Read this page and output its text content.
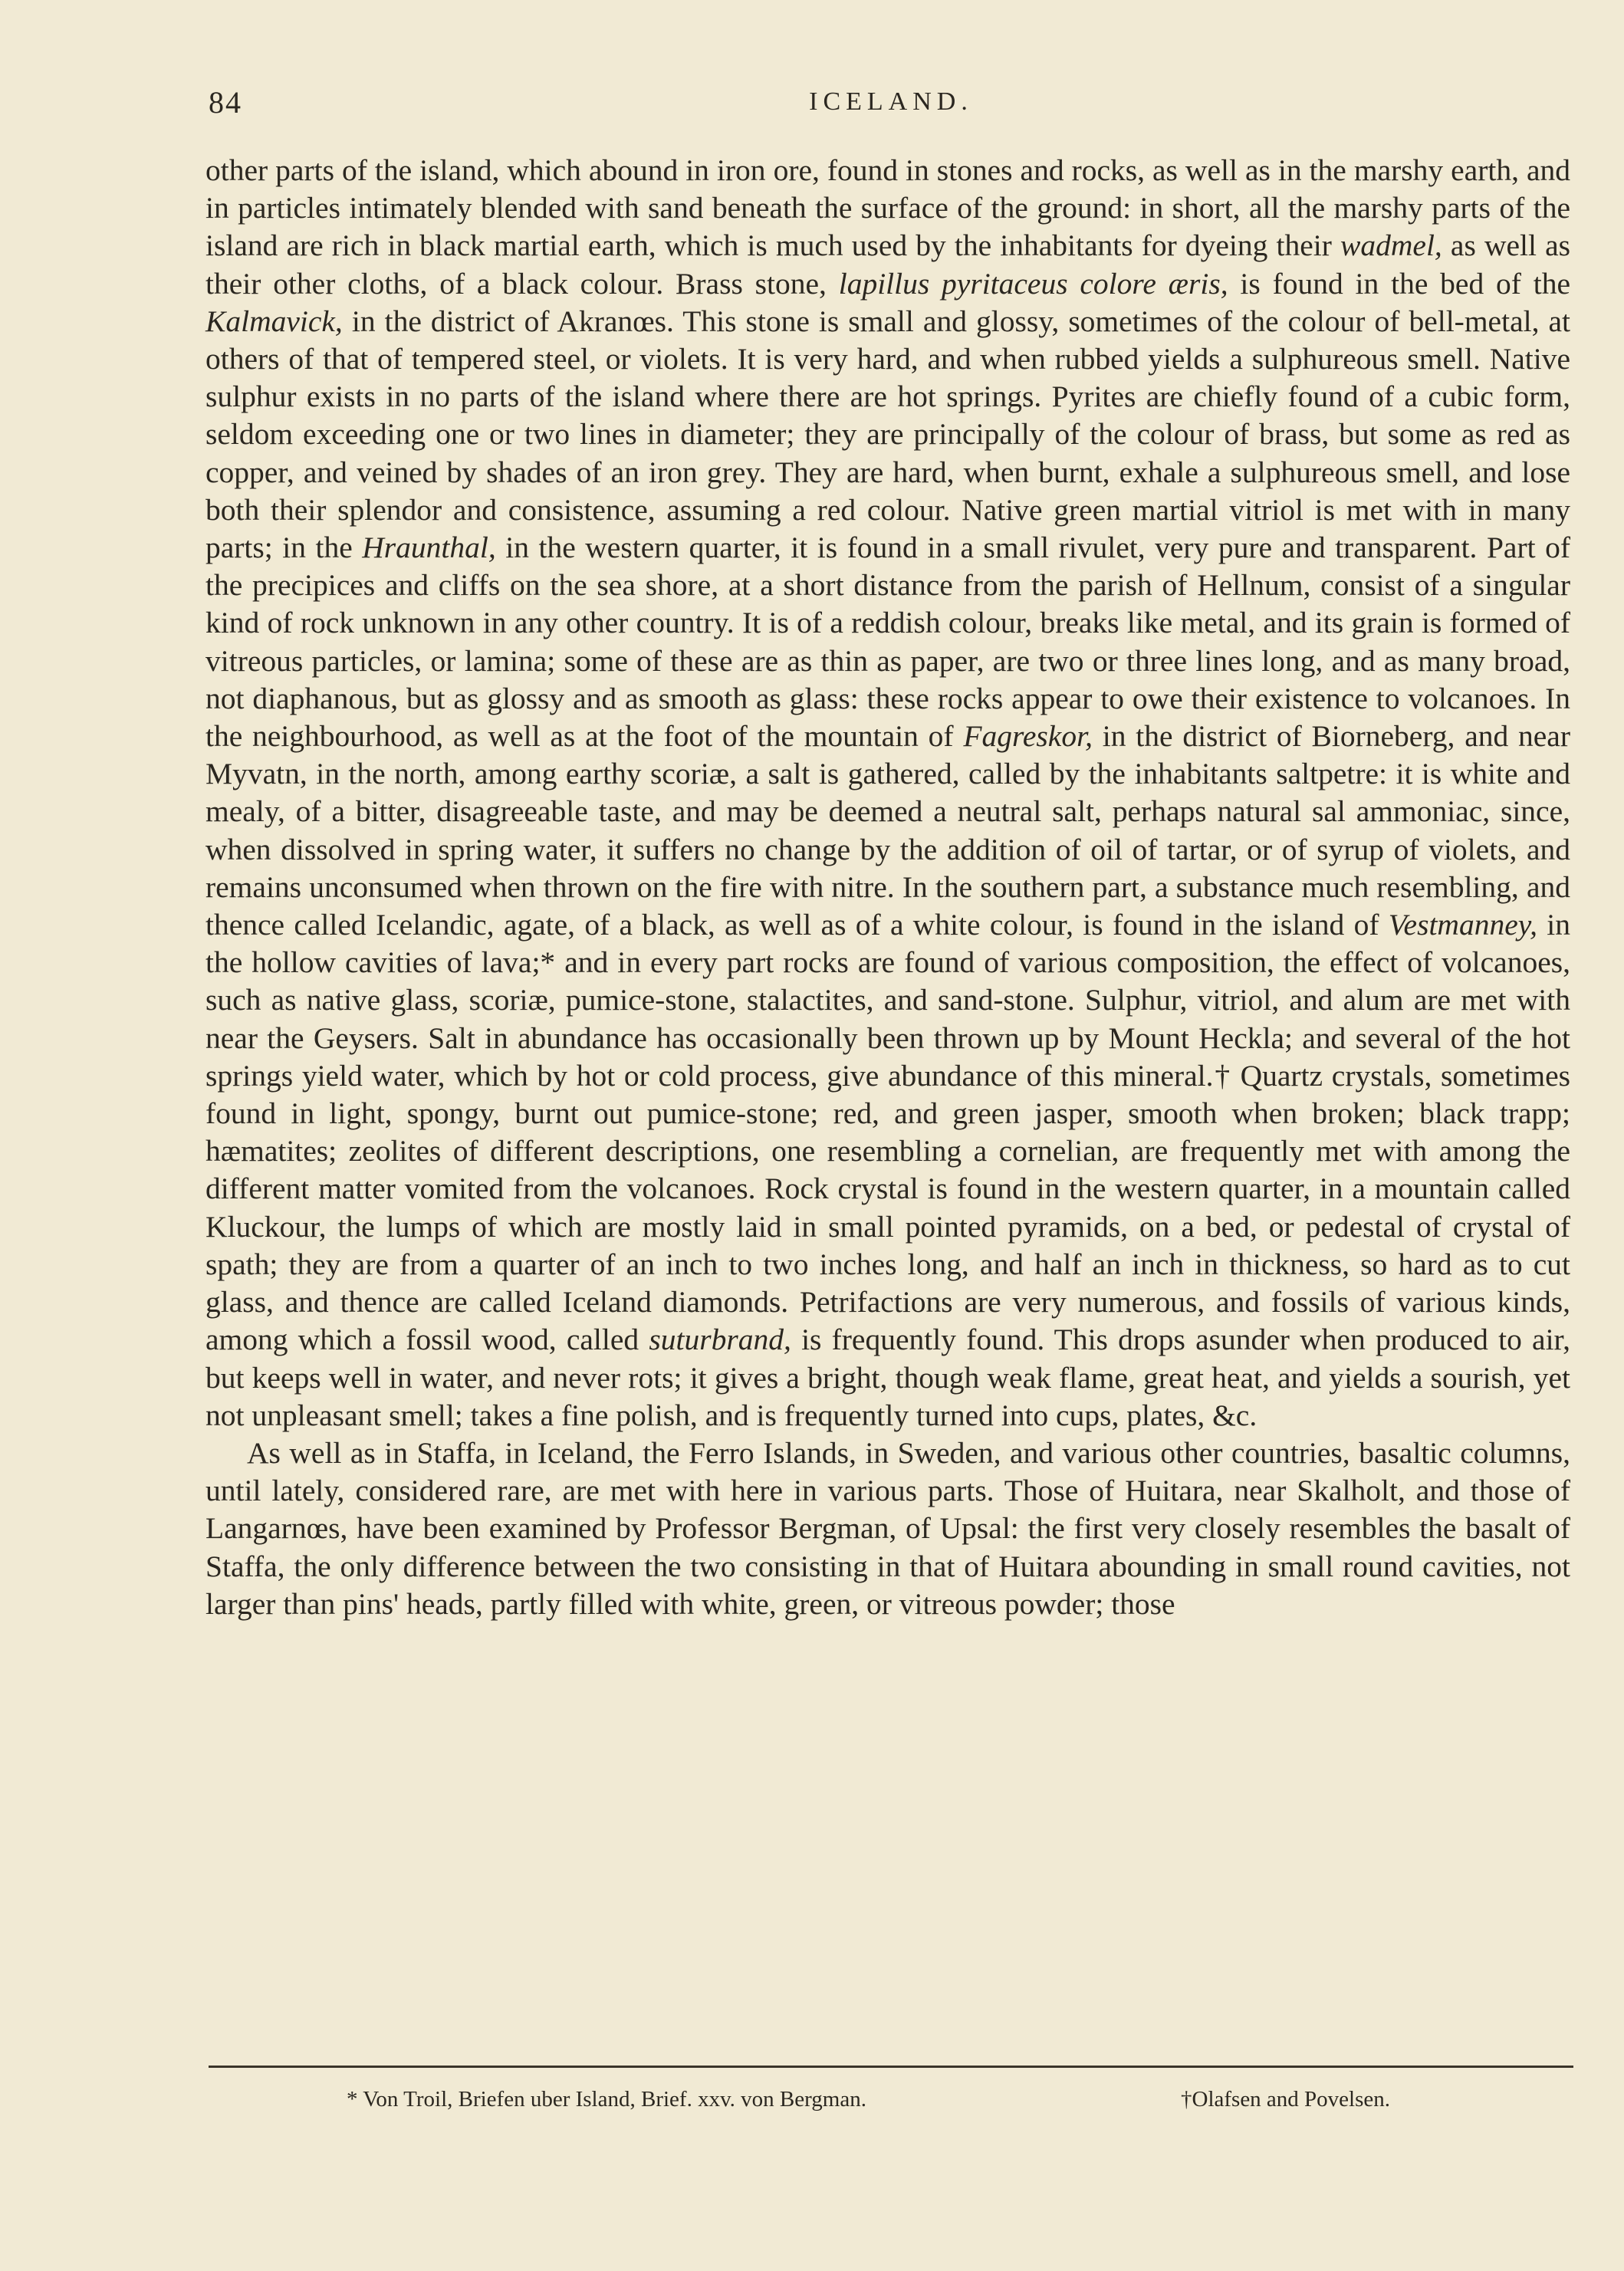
84	ICELAND.

other parts of the island, which abound in iron ore, found in stones and rocks, as well as in the marshy earth, and in particles intimately blended with sand beneath the surface of the ground: in short, all the marshy parts of the island are rich in black martial earth, which is much used by the inhabitants for dyeing their wadmel, as well as their other cloths, of a black colour. Brass stone, lapillus pyritaceus colore æris, is found in the bed of the Kalmavick, in the district of Akranœs. This stone is small and glossy, sometimes of the colour of bell-metal, at others of that of tempered steel, or violets. It is very hard, and when rubbed yields a sulphureous smell. Native sulphur exists in no parts of the island where there are hot springs. Pyrites are chiefly found of a cubic form, seldom exceeding one or two lines in diameter; they are principally of the colour of brass, but some as red as copper, and veined by shades of an iron grey. They are hard, when burnt, exhale a sulphureous smell, and lose both their splendor and consistence, assuming a red colour. Native green martial vitriol is met with in many parts; in the Hraunthal, in the western quarter, it is found in a small rivulet, very pure and transparent. Part of the precipices and cliffs on the sea shore, at a short distance from the parish of Hellnum, consist of a singular kind of rock unknown in any other country. It is of a reddish colour, breaks like metal, and its grain is formed of vitreous particles, or lamina; some of these are as thin as paper, are two or three lines long, and as many broad, not diaphanous, but as glossy and as smooth as glass: these rocks appear to owe their existence to volcanoes. In the neighbourhood, as well as at the foot of the mountain of Fagreskor, in the district of Biorneberg, and near Myvatn, in the north, among earthy scoriæ, a salt is gathered, called by the inhabitants saltpetre: it is white and mealy, of a bitter, disagreeable taste, and may be deemed a neutral salt, perhaps natural sal ammoniac, since, when dissolved in spring water, it suffers no change by the addition of oil of tartar, or of syrup of violets, and remains unconsumed when thrown on the fire with nitre. In the southern part, a substance much resembling, and thence called Icelandic, agate, of a black, as well as of a white colour, is found in the island of Vestmanney, in the hollow cavities of lava;* and in every part rocks are found of various composition, the effect of volcanoes, such as native glass, scoriæ, pumice-stone, stalactites, and sand-stone. Sulphur, vitriol, and alum are met with near the Geysers. Salt in abundance has occasionally been thrown up by Mount Heckla; and several of the hot springs yield water, which by hot or cold process, give abundance of this mineral.† Quartz crystals, sometimes found in light, spongy, burnt out pumice-stone; red, and green jasper, smooth when broken; black trapp; hæmatites; zeolites of different descriptions, one resembling a cornelian, are frequently met with among the different matter vomited from the volcanoes. Rock crystal is found in the western quarter, in a mountain called Kluckour, the lumps of which are mostly laid in small pointed pyramids, on a bed, or pedestal of crystal of spath; they are from a quarter of an inch to two inches long, and half an inch in thickness, so hard as to cut glass, and thence are called Iceland diamonds. Petrifactions are very numerous, and fossils of various kinds, among which a fossil wood, called suturbrand, is frequently found. This drops asunder when produced to air, but keeps well in water, and never rots; it gives a bright, though weak flame, great heat, and yields a sourish, yet not unpleasant smell; takes a fine polish, and is frequently turned into cups, plates, &c.

As well as in Staffa, in Iceland, the Ferro Islands, in Sweden, and various other countries, basaltic columns, until lately, considered rare, are met with here in various parts. Those of Huitara, near Skalholt, and those of Langarnœs, have been examined by Professor Bergman, of Upsal: the first very closely resembles the basalt of Staffa, the only difference between the two consisting in that of Huitara abounding in small round cavities, not larger than pins' heads, partly filled with white, green, or vitreous powder; those

* Von Troil, Briefen uber Island, Brief. xxv. von Bergman.	†Olafsen and Povelsen.
